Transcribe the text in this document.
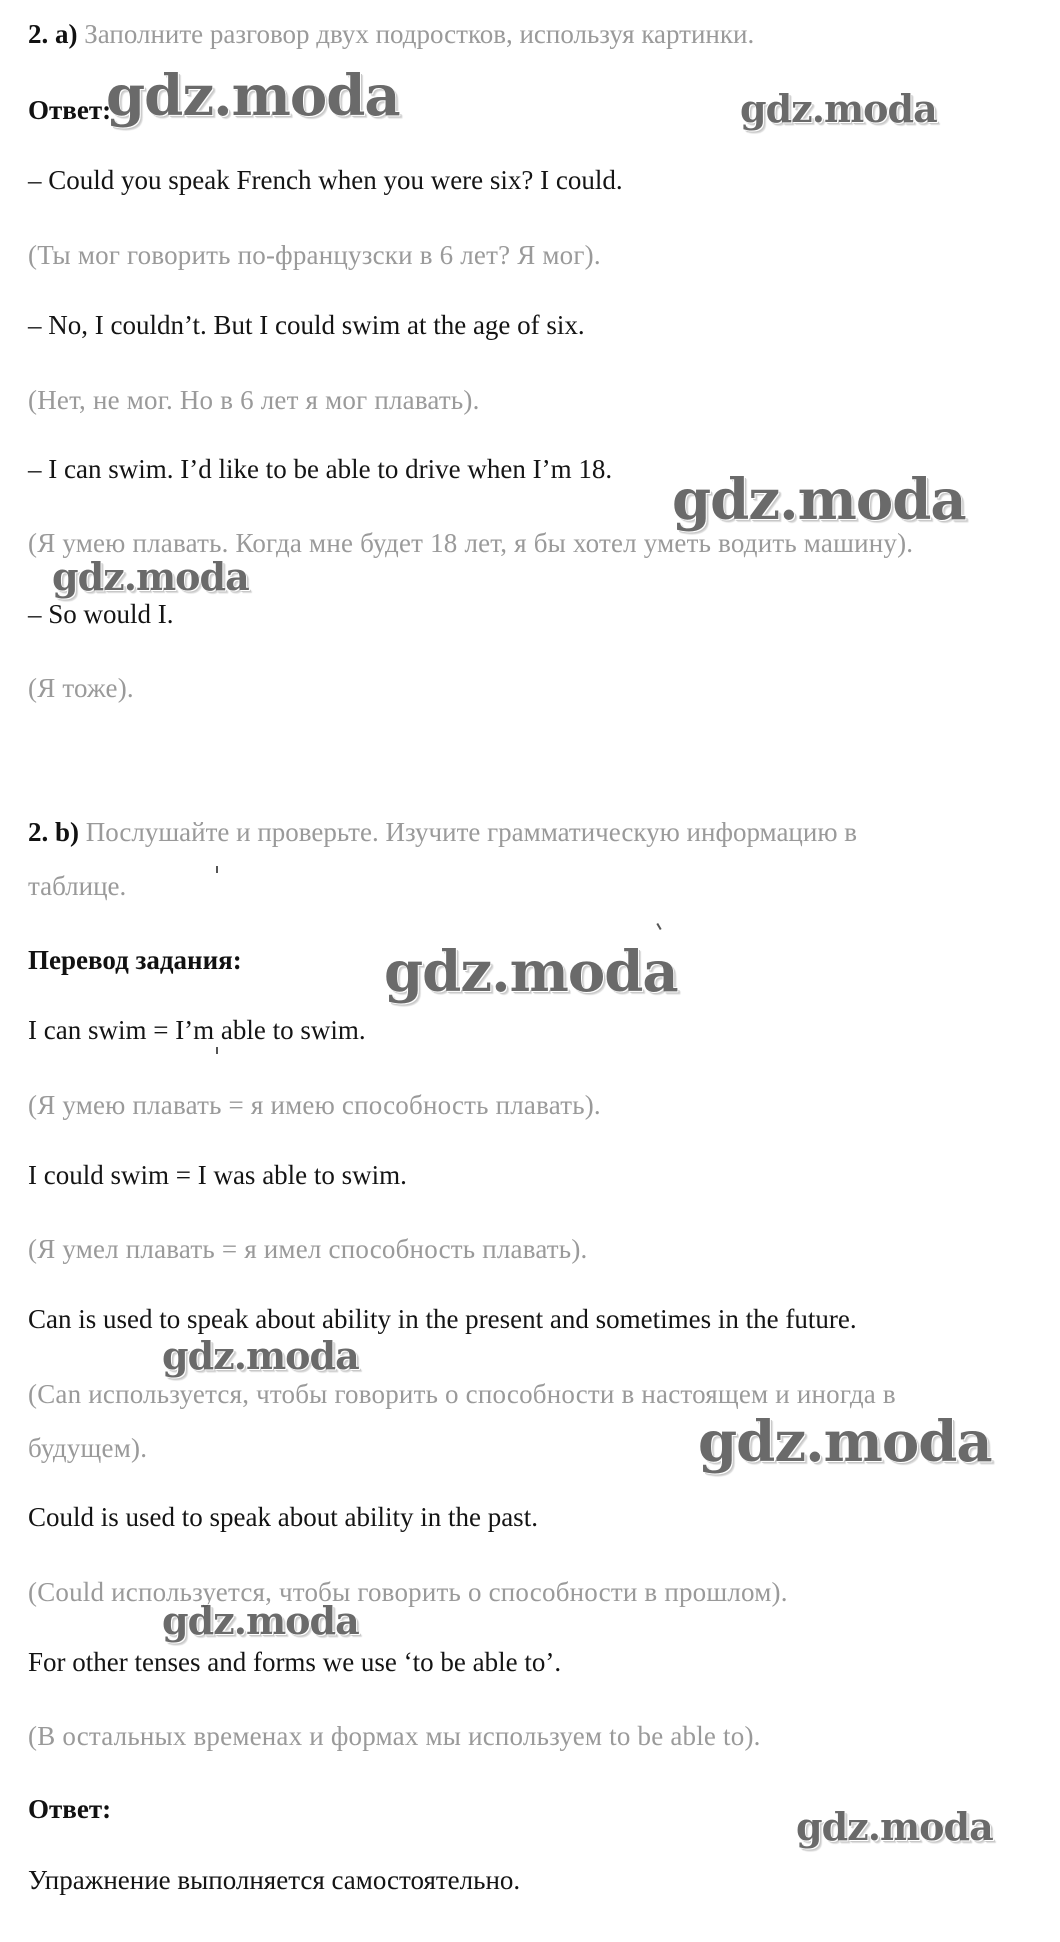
2. a) Заполните разговор двух подростков, используя картинки.
Ответ:
– Could you speak French when you were six? I could.
(Ты мог говорить по-французски в 6 лет? Я мог).
– No, I couldn’t. But I could swim at the age of six.
(Нет, не мог. Но в 6 лет я мог плавать).
– I can swim. I’d like to be able to drive when I’m 18.
(Я умею плавать. Когда мне будет 18 лет, я бы хотел уметь водить машину).
– So would I.
(Я тоже).
2. b) Послушайте и проверьте. Изучите грамматическую информацию в
таблице.
Перевод задания:
I can swim = I’m able to swim.
(Я умею плавать = я имею способность плавать).
I could swim = I was able to swim.
(Я умел плавать = я имел способность плавать).
Can is used to speak about ability in the present and sometimes in the future.
(Can используется, чтобы говорить о способности в настоящем и иногда в
будущем).
Could is used to speak about ability in the past.
(Could используется, чтобы говорить о способности в прошлом).
For other tenses and forms we use ‘to be able to’.
(В остальных временах и формах мы используем to be able to).
Ответ:
Упражнение выполняется самостоятельно.
gdz.moda	gdz.moda
gdz.moda
gdz.moda
gdz.moda
gdz.moda
gdz.moda
gdz.moda
gdz.moda
